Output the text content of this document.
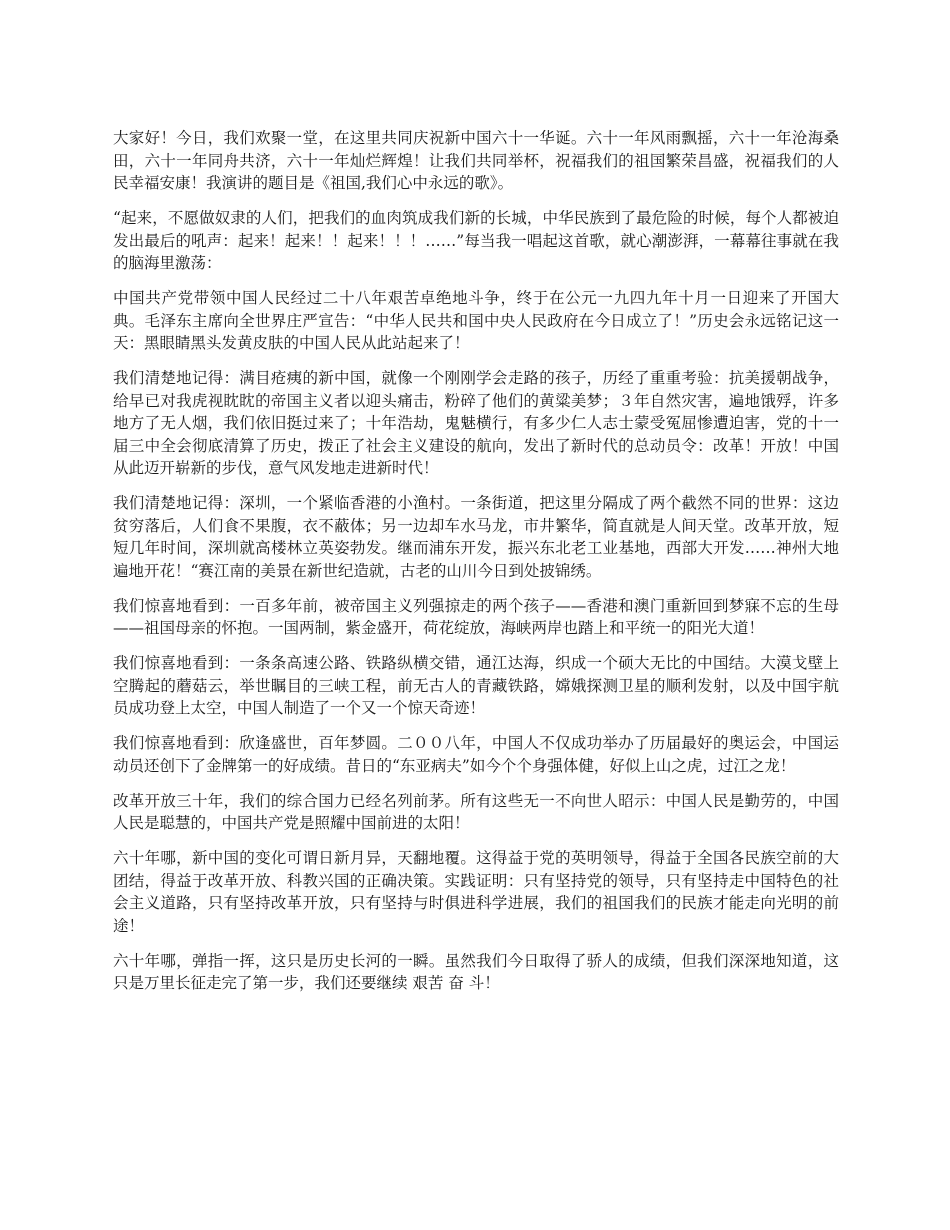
大家好！今日，我们欢聚一堂，在这里共同庆祝新中国六十一华诞。六十一年风雨飘摇，六十一年沧海桑田，六十一年同舟共济，六十一年灿烂辉煌！让我们共同举杯，祝福我们的祖国繁荣昌盛，祝福我们的人民幸福安康！我演讲的题目是《祖国,我们心中永远的歌》。

“起来，不愿做奴隶的人们，把我们的血肉筑成我们新的长城，中华民族到了最危险的时候，每个人都被迫发出最后的吼声：起来！起来！！起来！！！……”每当我一唱起这首歌，就心潮澎湃，一幕幕往事就在我的脑海里激荡：

中国共产党带领中国人民经过二十八年艰苦卓绝地斗争，终于在公元一九四九年十月一日迎来了开国大典。毛泽东主席向全世界庄严宣告：“中华人民共和国中央人民政府在今日成立了！”历史会永远铭记这一天：黑眼睛黑头发黄皮肤的中国人民从此站起来了！

我们清楚地记得：满目疮痍的新中国，就像一个刚刚学会走路的孩子，历经了重重考验：抗美援朝战争，给早已对我虎视眈眈的帝国主义者以迎头痛击，粉碎了他们的黄粱美梦；３年自然灾害，遍地饿殍，许多地方了无人烟，我们依旧挺过来了；十年浩劫，鬼魅横行，有多少仁人志士蒙受冤屈惨遭迫害，党的十一届三中全会彻底清算了历史，拨正了社会主义建设的航向，发出了新时代的总动员令：改革！开放！中国从此迈开崭新的步伐，意气风发地走进新时代！

我们清楚地记得：深圳，一个紧临香港的小渔村。一条街道，把这里分隔成了两个截然不同的世界：这边贫穷落后，人们食不果腹，衣不蔽体；另一边却车水马龙，市井繁华，简直就是人间天堂。改革开放，短短几年时间，深圳就高楼林立英姿勃发。继而浦东开发，振兴东北老工业基地，西部大开发……神州大地遍地开花！“赛江南的美景在新世纪造就，古老的山川今日到处披锦绣。

我们惊喜地看到：一百多年前，被帝国主义列强掠走的两个孩子——香港和澳门重新回到梦寐不忘的生母——祖国母亲的怀抱。一国两制，紫金盛开，荷花绽放，海峡两岸也踏上和平统一的阳光大道！

我们惊喜地看到：一条条高速公路、铁路纵横交错，通江达海，织成一个硕大无比的中国结。大漠戈壁上空腾起的蘑菇云，举世瞩目的三峡工程，前无古人的青藏铁路，嫦娥探测卫星的顺利发射，以及中国宇航员成功登上太空，中国人制造了一个又一个惊天奇迹！

我们惊喜地看到：欣逢盛世，百年梦圆。二００八年，中国人不仅成功举办了历届最好的奥运会，中国运动员还创下了金牌第一的好成绩。昔日的“东亚病夫”如今个个身强体健，好似上山之虎，过江之龙！

改革开放三十年，我们的综合国力已经名列前茅。所有这些无一不向世人昭示：中国人民是勤劳的，中国人民是聪慧的，中国共产党是照耀中国前进的太阳！

六十年哪，新中国的变化可谓日新月异，天翻地覆。这得益于党的英明领导，得益于全国各民族空前的大团结，得益于改革开放、科教兴国的正确决策。实践证明：只有坚持党的领导，只有坚持走中国特色的社会主义道路，只有坚持改革开放，只有坚持与时俱进科学进展，我们的祖国我们的民族才能走向光明的前途！

六十年哪，弹指一挥，这只是历史长河的一瞬。虽然我们今日取得了骄人的成绩，但我们深深地知道，这只是万里长征走完了第一步，我们还要继续 艰苦 奋 斗！
